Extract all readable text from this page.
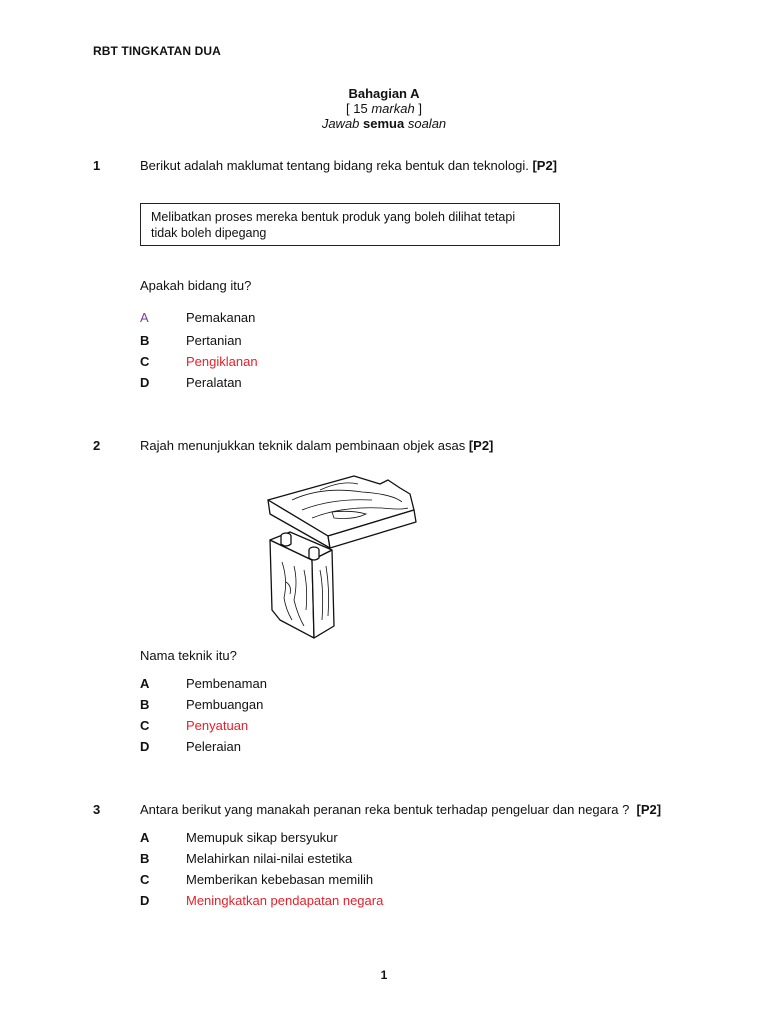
RBT TINGKATAN DUA
Bahagian A
[ 15 markah ]
Jawab semua soalan
1	Berikut adalah maklumat tentang bidang reka bentuk dan teknologi. [P2]
Melibatkan proses mereka bentuk produk yang boleh dilihat tetapi
tidak boleh dipegang
Apakah bidang itu?
A	Pemakanan
B	Pertanian
C	Pengiklanan
D	Peralatan
2	Rajah menunjukkan teknik dalam pembinaan objek asas [P2]
Nama teknik itu?
A	Pembenaman
B	Pembuangan
C	Penyatuan
D	Peleraian
3	Antara berikut yang manakah peranan reka bentuk terhadap pengeluar dan negara ? [P2]
A	Memupuk sikap bersyukur
B	Melahirkan nilai-nilai estetika
C	Memberikan kebebasan memilih
D	Meningkatkan pendapatan negara
1
